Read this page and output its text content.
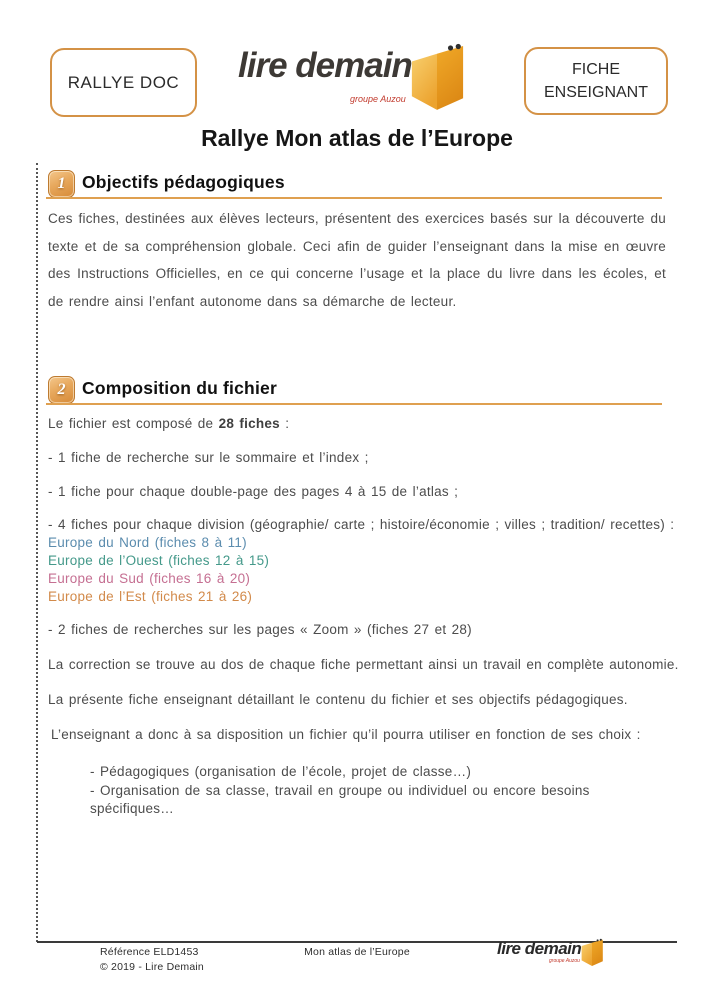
RALLYE DOC lire demain
groupe Auzou
FICHE
ENSEIGNANT
Rallye Mon atlas de l’Europe
1 Objectifs pédagogiques
Ces fiches, destinées aux élèves lecteurs, présentent des exercices basés sur la découverte du texte et de sa compréhension globale. Ceci afin de guider l’enseignant dans la mise en œuvre des Instructions Officielles, en ce qui concerne l’usage et la place du livre dans les écoles, et de rendre ainsi l’enfant autonome dans sa démarche de lecteur.
2 Composition du fichier
Le fichier est composé de 28 fiches :
- 1 fiche de recherche sur le sommaire et l’index ;
- 1 fiche pour chaque double-page des pages 4 à 15 de l’atlas ;
- 4 fiches pour chaque division (géographie/ carte ; histoire/économie ; villes ; tradition/ recettes) :
Europe du Nord (fiches 8 à 11)
Europe de l’Ouest (fiches 12 à 15)
Europe du Sud (fiches 16 à 20)
Europe de l’Est (fiches 21 à 26)
- 2 fiches de recherches sur les pages « Zoom » (fiches 27 et 28)
La correction se trouve au dos de chaque fiche permettant ainsi un travail en complète autonomie.
La présente fiche enseignant détaillant le contenu du fichier et ses objectifs pédagogiques.
L’enseignant a donc à sa disposition un fichier qu’il pourra utiliser en fonction de ses choix :
- Pédagogiques (organisation de l’école, projet de classe…)
- Organisation de sa classe, travail en groupe ou individuel ou encore besoins spécifiques…
Référence ELD1453
© 2019 - Lire Demain
Mon atlas de l’Europe	lire demain
groupe Auzou
